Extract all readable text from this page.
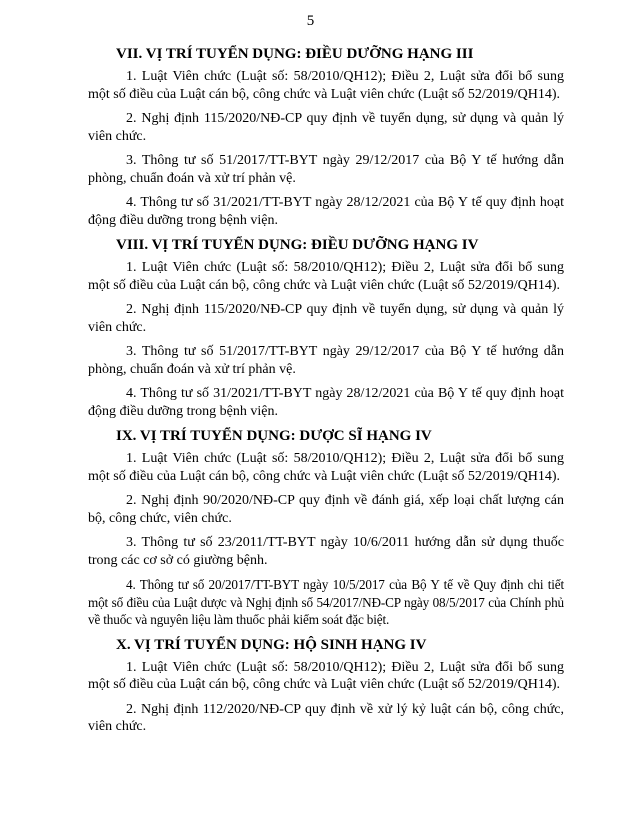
5
VII. VỊ TRÍ TUYỂN DỤNG: ĐIỀU DƯỠNG HẠNG III

1. Luật Viên chức (Luật số: 58/2010/QH12); Điều 2, Luật sửa đổi bổ sung một số điều của Luật cán bộ, công chức và Luật viên chức (Luật số 52/2019/QH14).

2. Nghị định 115/2020/NĐ-CP quy định về tuyển dụng, sử dụng và quản lý viên chức.

3. Thông tư số 51/2017/TT-BYT ngày 29/12/2017 của Bộ Y tế hướng dẫn phòng, chuẩn đoán và xử trí phản vệ.

4. Thông tư số 31/2021/TT-BYT ngày 28/12/2021 của Bộ Y tế quy định hoạt động điều dưỡng trong bệnh viện.

VIII. VỊ TRÍ TUYỂN DỤNG: ĐIỀU DƯỠNG HẠNG IV

1. Luật Viên chức (Luật số: 58/2010/QH12); Điều 2, Luật sửa đổi bổ sung một số điều của Luật cán bộ, công chức và Luật viên chức (Luật số 52/2019/QH14).

2. Nghị định 115/2020/NĐ-CP quy định về tuyển dụng, sử dụng và quản lý viên chức.

3. Thông tư số 51/2017/TT-BYT ngày 29/12/2017 của Bộ Y tế hướng dẫn phòng, chuẩn đoán và xử trí phản vệ.

4. Thông tư số 31/2021/TT-BYT ngày 28/12/2021 của Bộ Y tế quy định hoạt động điều dưỡng trong bệnh viện.

IX. VỊ TRÍ TUYỂN DỤNG: DƯỢC SĨ HẠNG IV

1. Luật Viên chức (Luật số: 58/2010/QH12); Điều 2, Luật sửa đổi bổ sung một số điều của Luật cán bộ, công chức và Luật viên chức (Luật số 52/2019/QH14).

2. Nghị định 90/2020/NĐ-CP quy định về đánh giá, xếp loại chất lượng cán bộ, công chức, viên chức.

3. Thông tư số 23/2011/TT-BYT ngày 10/6/2011 hướng dẫn sử dụng thuốc trong các cơ sở có giường bệnh.

4. Thông tư số 20/2017/TT-BYT ngày 10/5/2017 của Bộ Y tế về Quy định chi tiết một số điều của Luật dược và Nghị định số 54/2017/NĐ-CP ngày 08/5/2017 của Chính phủ về thuốc và nguyên liệu làm thuốc phải kiểm soát đặc biệt.

X. VỊ TRÍ TUYỂN DỤNG: HỘ SINH HẠNG IV

1. Luật Viên chức (Luật số: 58/2010/QH12); Điều 2, Luật sửa đổi bổ sung một số điều của Luật cán bộ, công chức và Luật viên chức (Luật số 52/2019/QH14).

2. Nghị định 112/2020/NĐ-CP quy định về xử lý kỷ luật cán bộ, công chức, viên chức.
